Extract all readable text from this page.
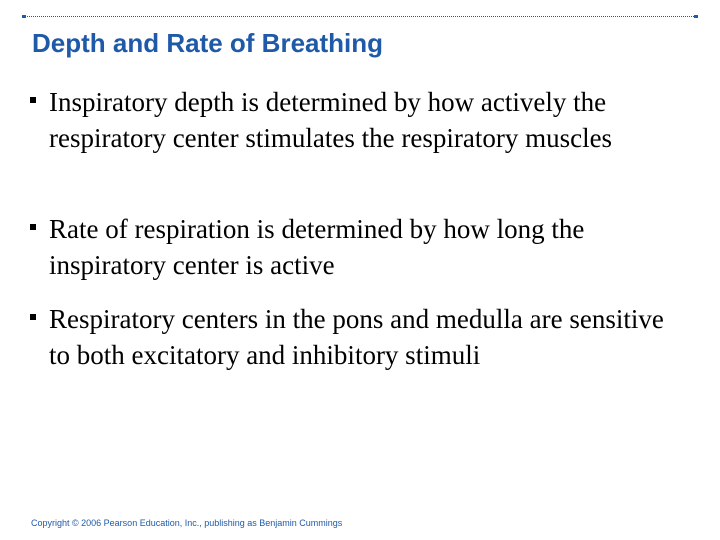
Depth and Rate of Breathing
Inspiratory depth is determined by how actively the respiratory center stimulates the respiratory muscles
Rate of respiration is determined by how long the inspiratory center is active
Respiratory centers in the pons and medulla are sensitive to both excitatory and inhibitory stimuli
Copyright © 2006 Pearson Education, Inc., publishing as Benjamin Cummings
